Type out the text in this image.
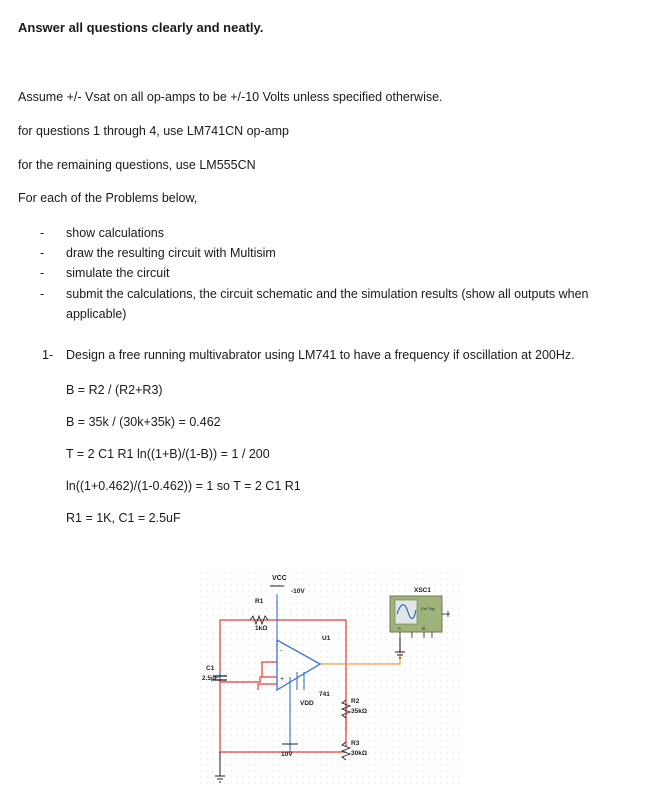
Answer all questions clearly and neatly.
Assume +/- Vsat on all op-amps to be +/-10 Volts unless specified otherwise.
for questions 1 through 4, use LM741CN op-amp
for the remaining questions, use LM555CN
For each of the Problems below,
- show calculations
- draw the resulting circuit with Multisim
- simulate the circuit
- submit the calculations, the circuit schematic and the simulation results (show all outputs when
applicable)
1- Design a free running multivabrator using LM741 to have a frequency if oscillation at 200Hz.
B = R2 / (R2+R3)
B = 35k / (30k+35k) = 0.462
T = 2 C1 R1 ln((1+B)/(1-B)) = 1 / 200
ln((1+0.462)/(1-0.462)) = 1 so T = 2 C1 R1
R1 = 1K, C1 = 2.5uF
-
+
VCC
-10V
R1
1kΩ
U1
741
C1
2.5µF
VDD
10V
R2
35kΩ
R3
30kΩ
XSC1
Ext Trig
A	B
